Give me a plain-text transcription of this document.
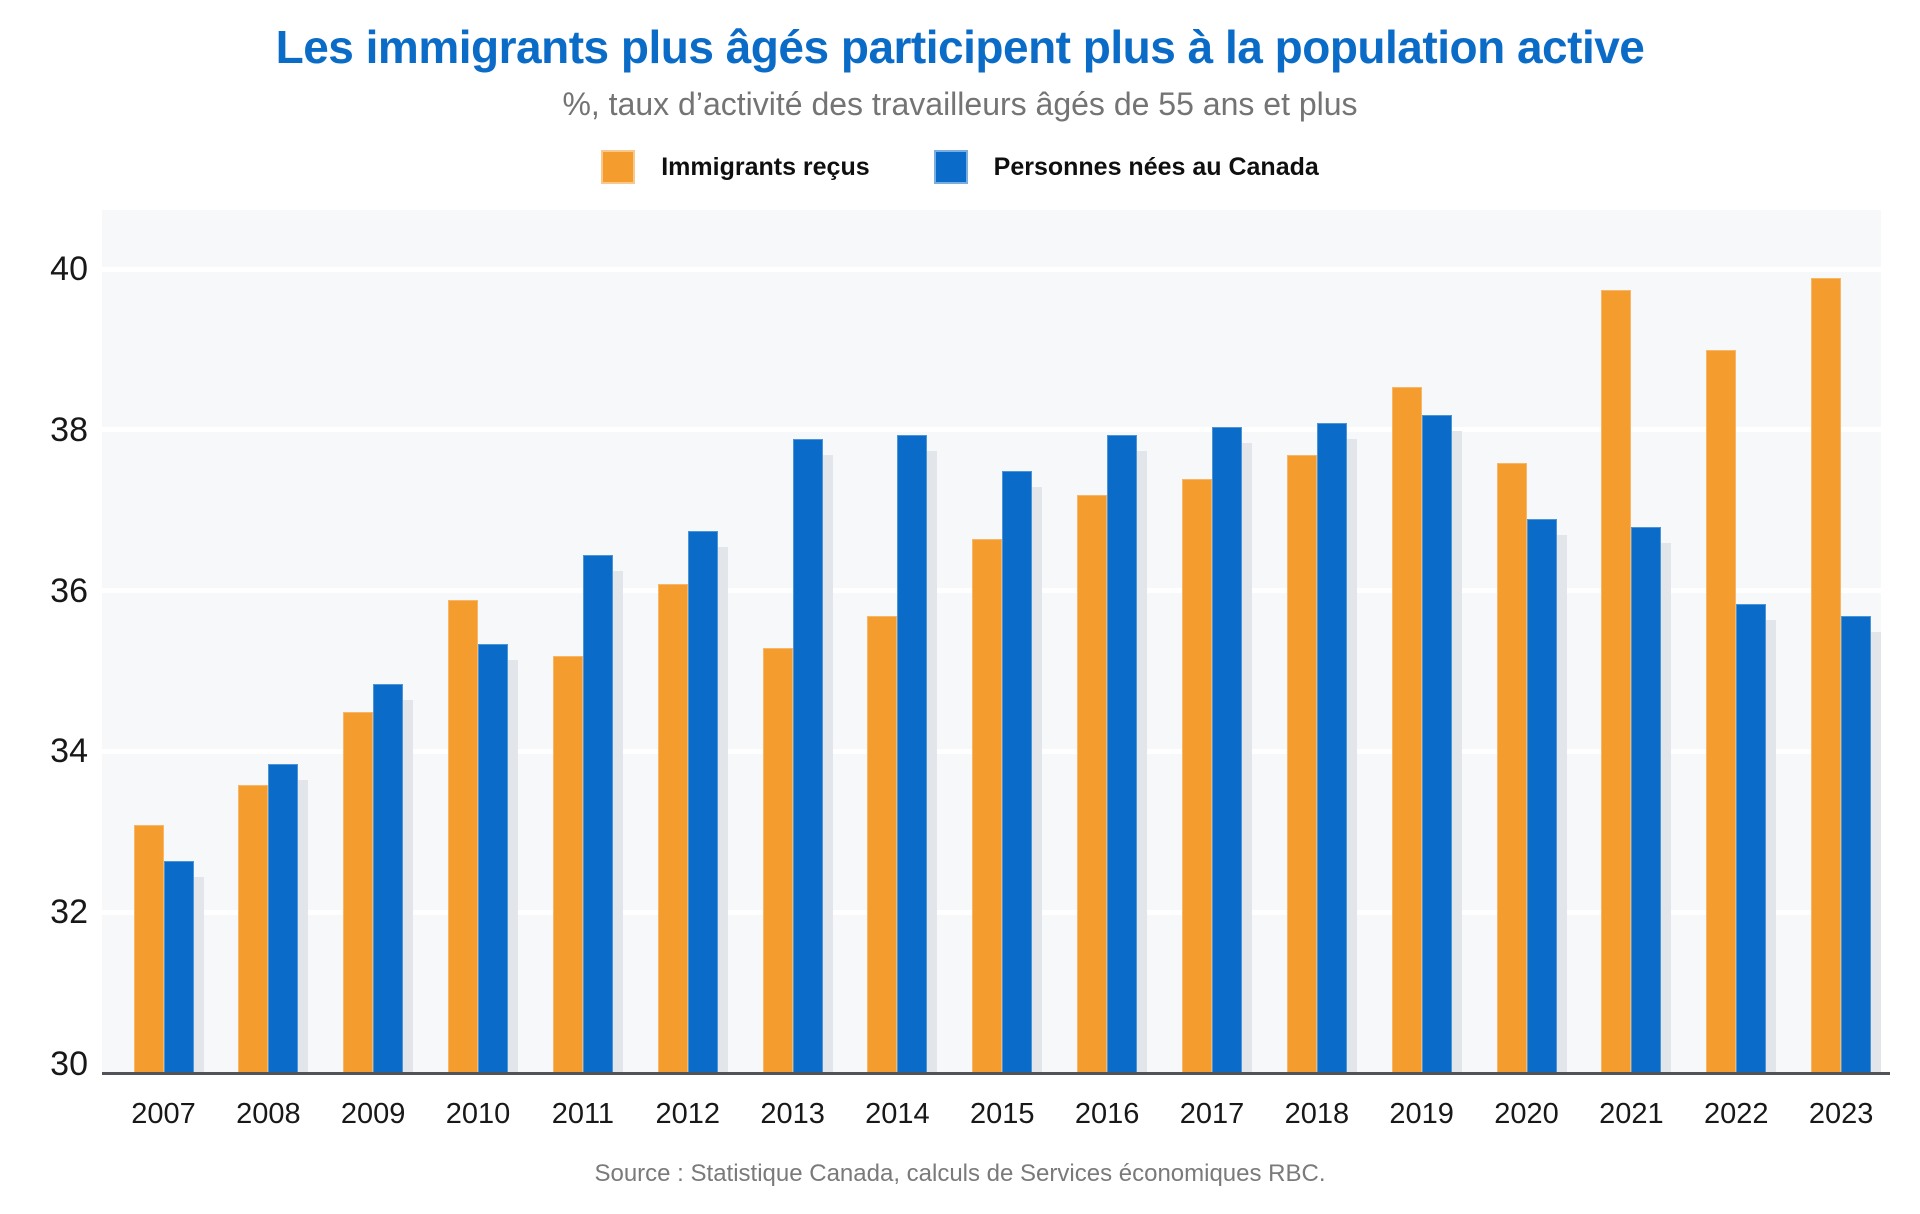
Les immigrants plus âgés participent plus à la population active
%, taux d’activité des travailleurs âgés de 55 ans et plus
Immigrants reçus	Personnes nées au Canada
30
32
34
36
38
40
2007	2008	2009	2010	2011	2012	2013	2014	2015	2016	2017	2018	2019	2020	2021	2022	2023
Source : Statistique Canada, calculs de Services économiques RBC.
